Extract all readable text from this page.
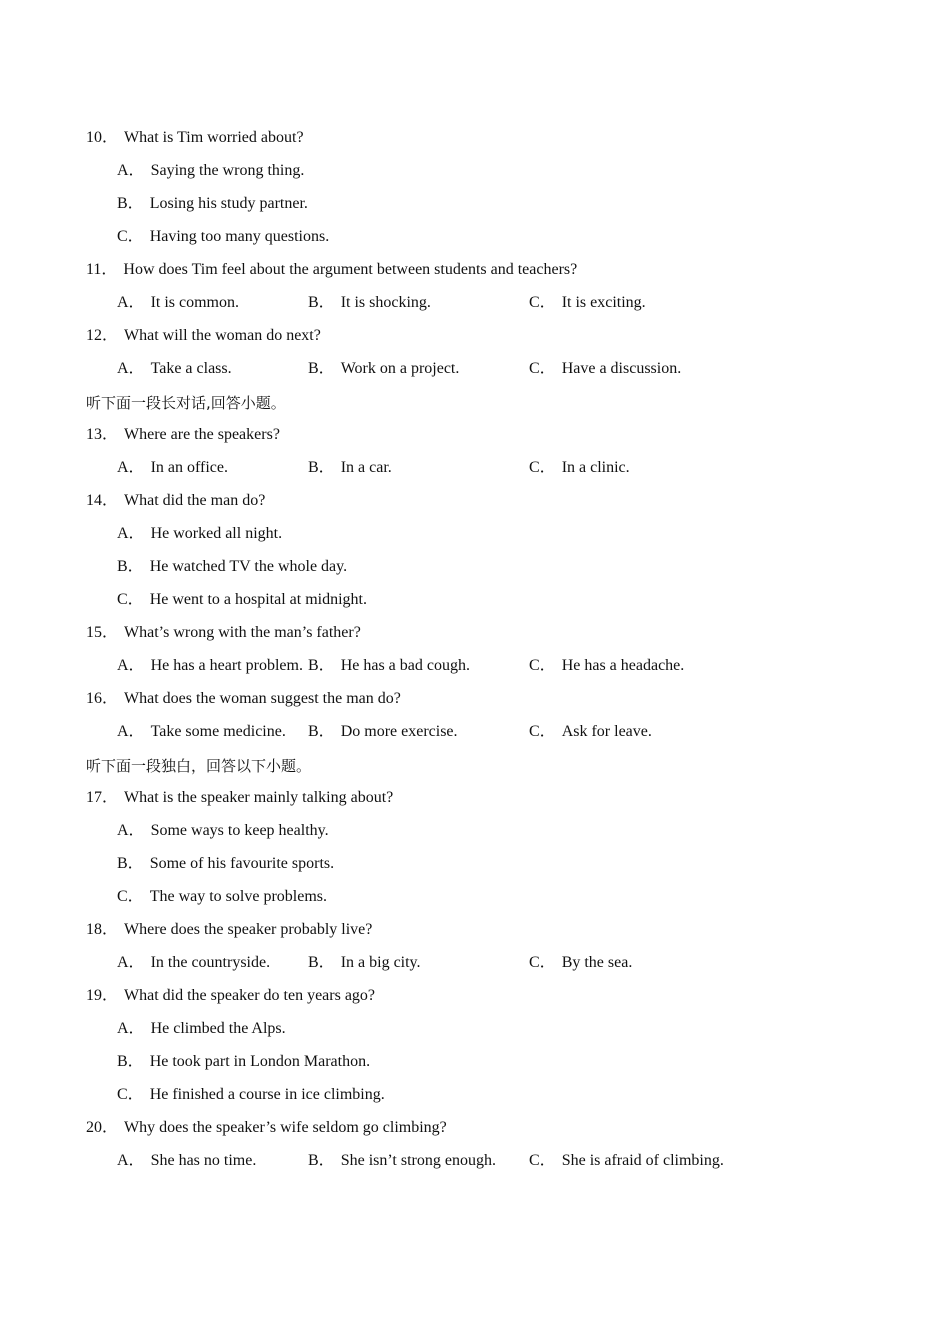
10． What is Tim worried about?
A． Saying the wrong thing.
B． Losing his study partner.
C． Having too many questions.
11． How does Tim feel about the argument between students and teachers?
A． It is common.	B． It is shocking.	C． It is exciting.
12． What will the woman do next?
A． Take a class.	B． Work on a project.	C． Have a discussion.
听下面一段长对话,回答小题。
13． Where are the speakers?
A． In an office.	B． In a car.	C． In a clinic.
14． What did the man do?
A． He worked all night.
B． He watched TV the whole day.
C． He went to a hospital at midnight.
15． What’s wrong with the man’s father?
A． He has a heart problem. B． He has a bad cough.	C． He has a headache.
16． What does the woman suggest the man do?
A． Take some medicine. B． Do more exercise.	C． Ask for leave.
听下面一段独白，回答以下小题。
17． What is the speaker mainly talking about?
A． Some ways to keep healthy.
B． Some of his favourite sports.
C． The way to solve problems.
18． Where does the speaker probably live?
A． In the countryside. B． In a big city.	C． By the sea.
19． What did the speaker do ten years ago?
A． He climbed the Alps.
B． He took part in London Marathon.
C． He finished a course in ice climbing.
20． Why does the speaker’s wife seldom go climbing?
A． She has no time.	B． She isn’t strong enough. C． She is afraid of climbing.
